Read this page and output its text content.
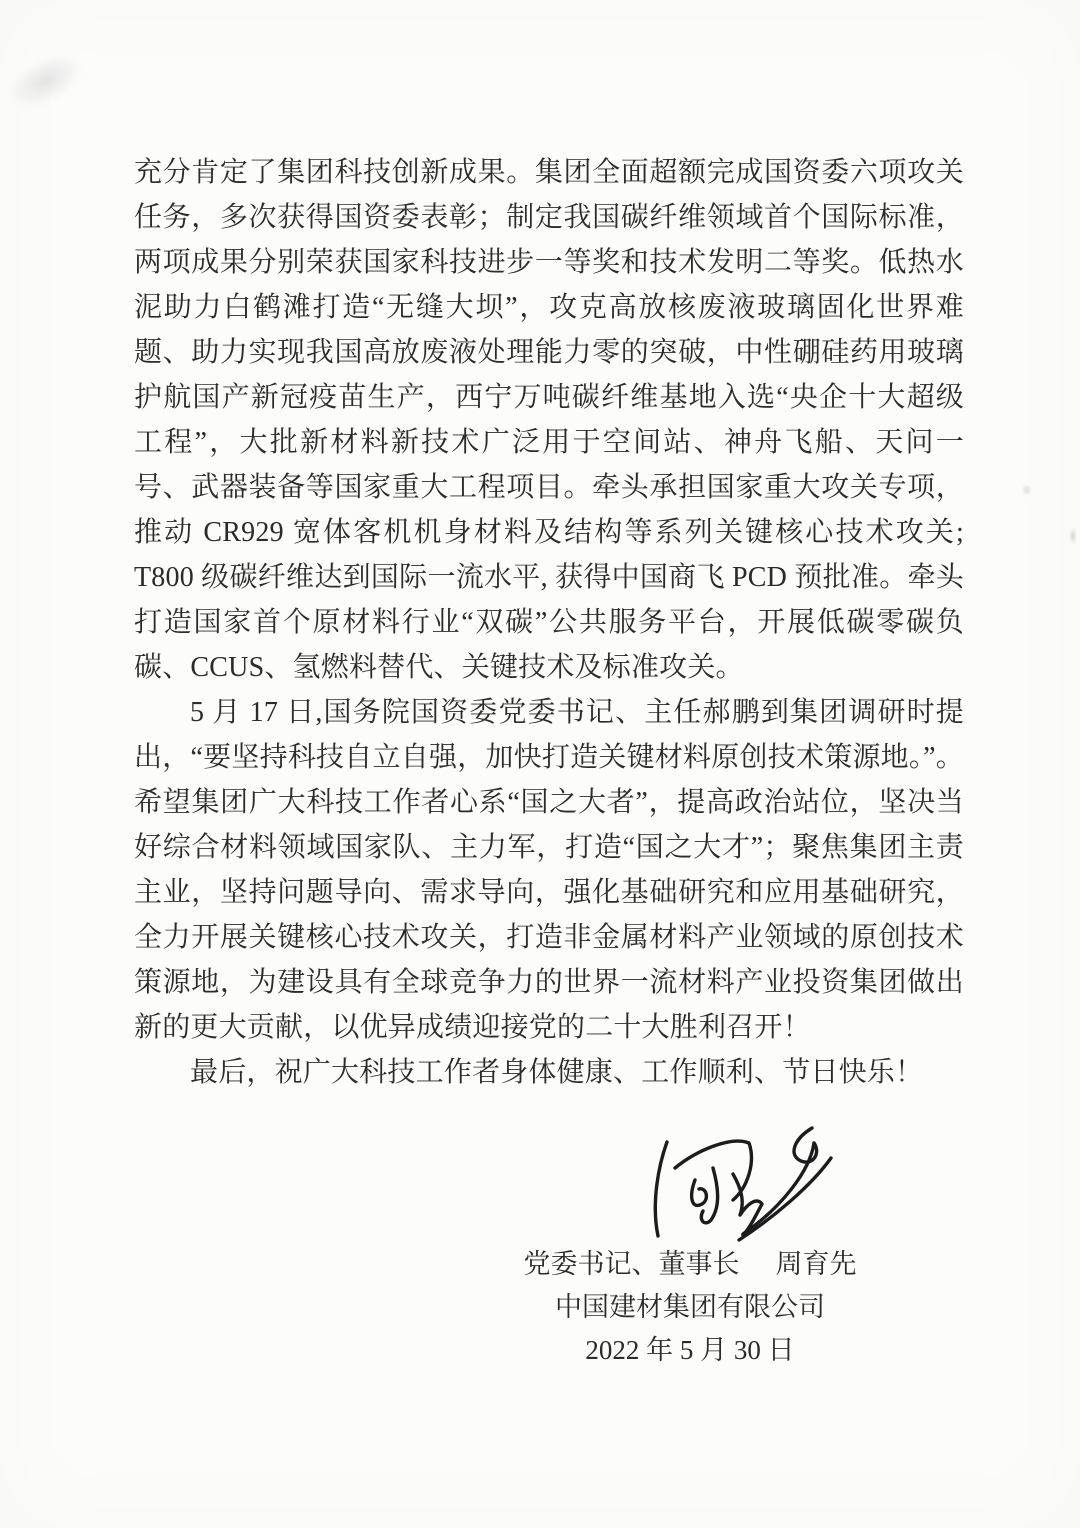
充分肯定了集团科技创新成果。集团全面超额完成国资委六项攻关任务，多次获得国资委表彰；制定我国碳纤维领域首个国际标准，两项成果分别荣获国家科技进步一等奖和技术发明二等奖。低热水泥助力白鹤滩打造“无缝大坝”，攻克高放核废液玻璃固化世界难题、助力实现我国高放废液处理能力零的突破，中性硼硅药用玻璃护航国产新冠疫苗生产，西宁万吨碳纤维基地入选“央企十大超级工程”，大批新材料新技术广泛用于空间站、神舟飞船、天问一号、武器装备等国家重大工程项目。牵头承担国家重大攻关专项，推动 CR929 宽体客机机身材料及结构等系列关键核心技术攻关; T800 级碳纤维达到国际一流水平, 获得中国商飞 PCD 预批准。牵头打造国家首个原材料行业“双碳”公共服务平台，开展低碳零碳负碳、CCUS、氢燃料替代、关键技术及标准攻关。

5 月 17 日,国务院国资委党委书记、主任郝鹏到集团调研时提出，“要坚持科技自立自强，加快打造关键材料原创技术策源地。”。希望集团广大科技工作者心系“国之大者”，提高政治站位，坚决当好综合材料领域国家队、主力军，打造“国之大才”；聚焦集团主责主业，坚持问题导向、需求导向，强化基础研究和应用基础研究，全力开展关键核心技术攻关，打造非金属材料产业领域的原创技术策源地，为建设具有全球竞争力的世界一流材料产业投资集团做出新的更大贡献，以优异成绩迎接党的二十大胜利召开！

最后，祝广大科技工作者身体健康、工作顺利、节日快乐！

党委书记、董事长 周育先
中国建材集团有限公司
2022 年 5 月 30 日
